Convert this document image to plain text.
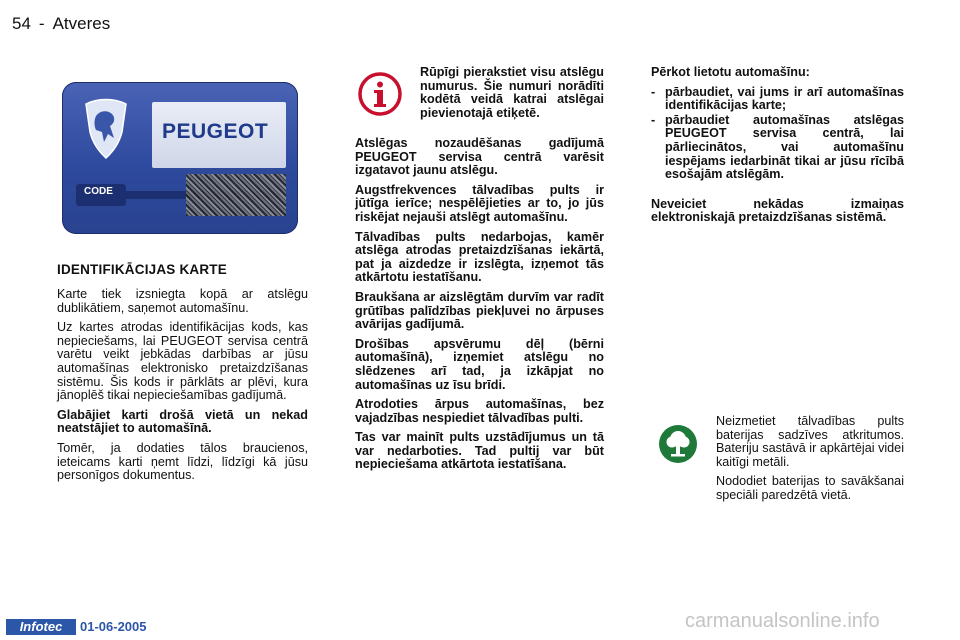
54 - Atveres
PEUGEOT
CODE
IDENTIFIKĀCIJAS KARTE

Karte tiek izsniegta kopā ar atslēgu dublikātiem, saņemot automašīnu.

Uz kartes atrodas identifikācijas kods, kas nepieciešams, lai PEUGEOT servisa centrā varētu veikt jebkādas darbības ar jūsu automašīnas elektronisko pretaizdzīšanas sistēmu. Šis kods ir pārklāts ar plēvi, kura jānoplēš tikai nepieciešamības gadījumā.

Glabājiet karti drošā vietā un nekad neatstājiet to automašīnā.

Tomēr, ja dodaties tālos braucienos, ieteicams karti ņemt līdzi, līdzīgi kā jūsu personīgos dokumentus.

Rūpīgi pierakstiet visu atslēgu numurus. Šie numuri norādīti kodētā veidā katrai atslēgai pievienotajā etiķetē.

Atslēgas nozaudēšanas gadījumā PEUGEOT servisa centrā varēsit izgatavot jaunu atslēgu.

Augstfrekvences tālvadības pults ir jūtīga ierīce; nespēlējieties ar to, jo jūs riskējat nejauši atslēgt automašīnu.

Tālvadības pults nedarbojas, kamēr atslēga atrodas pretaizdzīšanas iekārtā, pat ja aizdedze ir izslēgta, izņemot tās atkārtotu iestatīšanu.

Braukšana ar aizslēgtām durvīm var radīt grūtības palīdzības piekļuvei no ārpuses avārijas gadījumā.

Drošības apsvērumu dēļ (bērni automašīnā), izņemiet atslēgu no slēdzenes arī tad, ja izkāpjat no automašīnas uz īsu brīdi.

Atrodoties ārpus automašīnas, bez vajadzības nespiediet tālvadības pulti.

Tas var mainīt pults uzstādījumus un tā var nedarboties. Tad pultij var būt nepieciešama atkārtota iestatīšana.

Pērkot lietotu automašīnu:

- pārbaudiet, vai jums ir arī automašīnas identifikācijas karte;
- pārbaudiet automašīnas atslēgas PEUGEOT servisa centrā, lai pārliecinātos, vai automašīnu iespējams iedarbināt tikai ar jūsu rīcībā esošajām atslēgām.

Neveiciet nekādas izmaiņas elektroniskajā pretaizdzīšanas sistēmā.

Neizmetiet tālvadības pults baterijas sadzīves atkritumos. Bateriju sastāvā ir apkārtējai videi kaitīgi metāli.

Nododiet baterijas to savākšanai speciāli paredzētā vietā.

Infotec	01-06-2005	carmanualsonline.info
